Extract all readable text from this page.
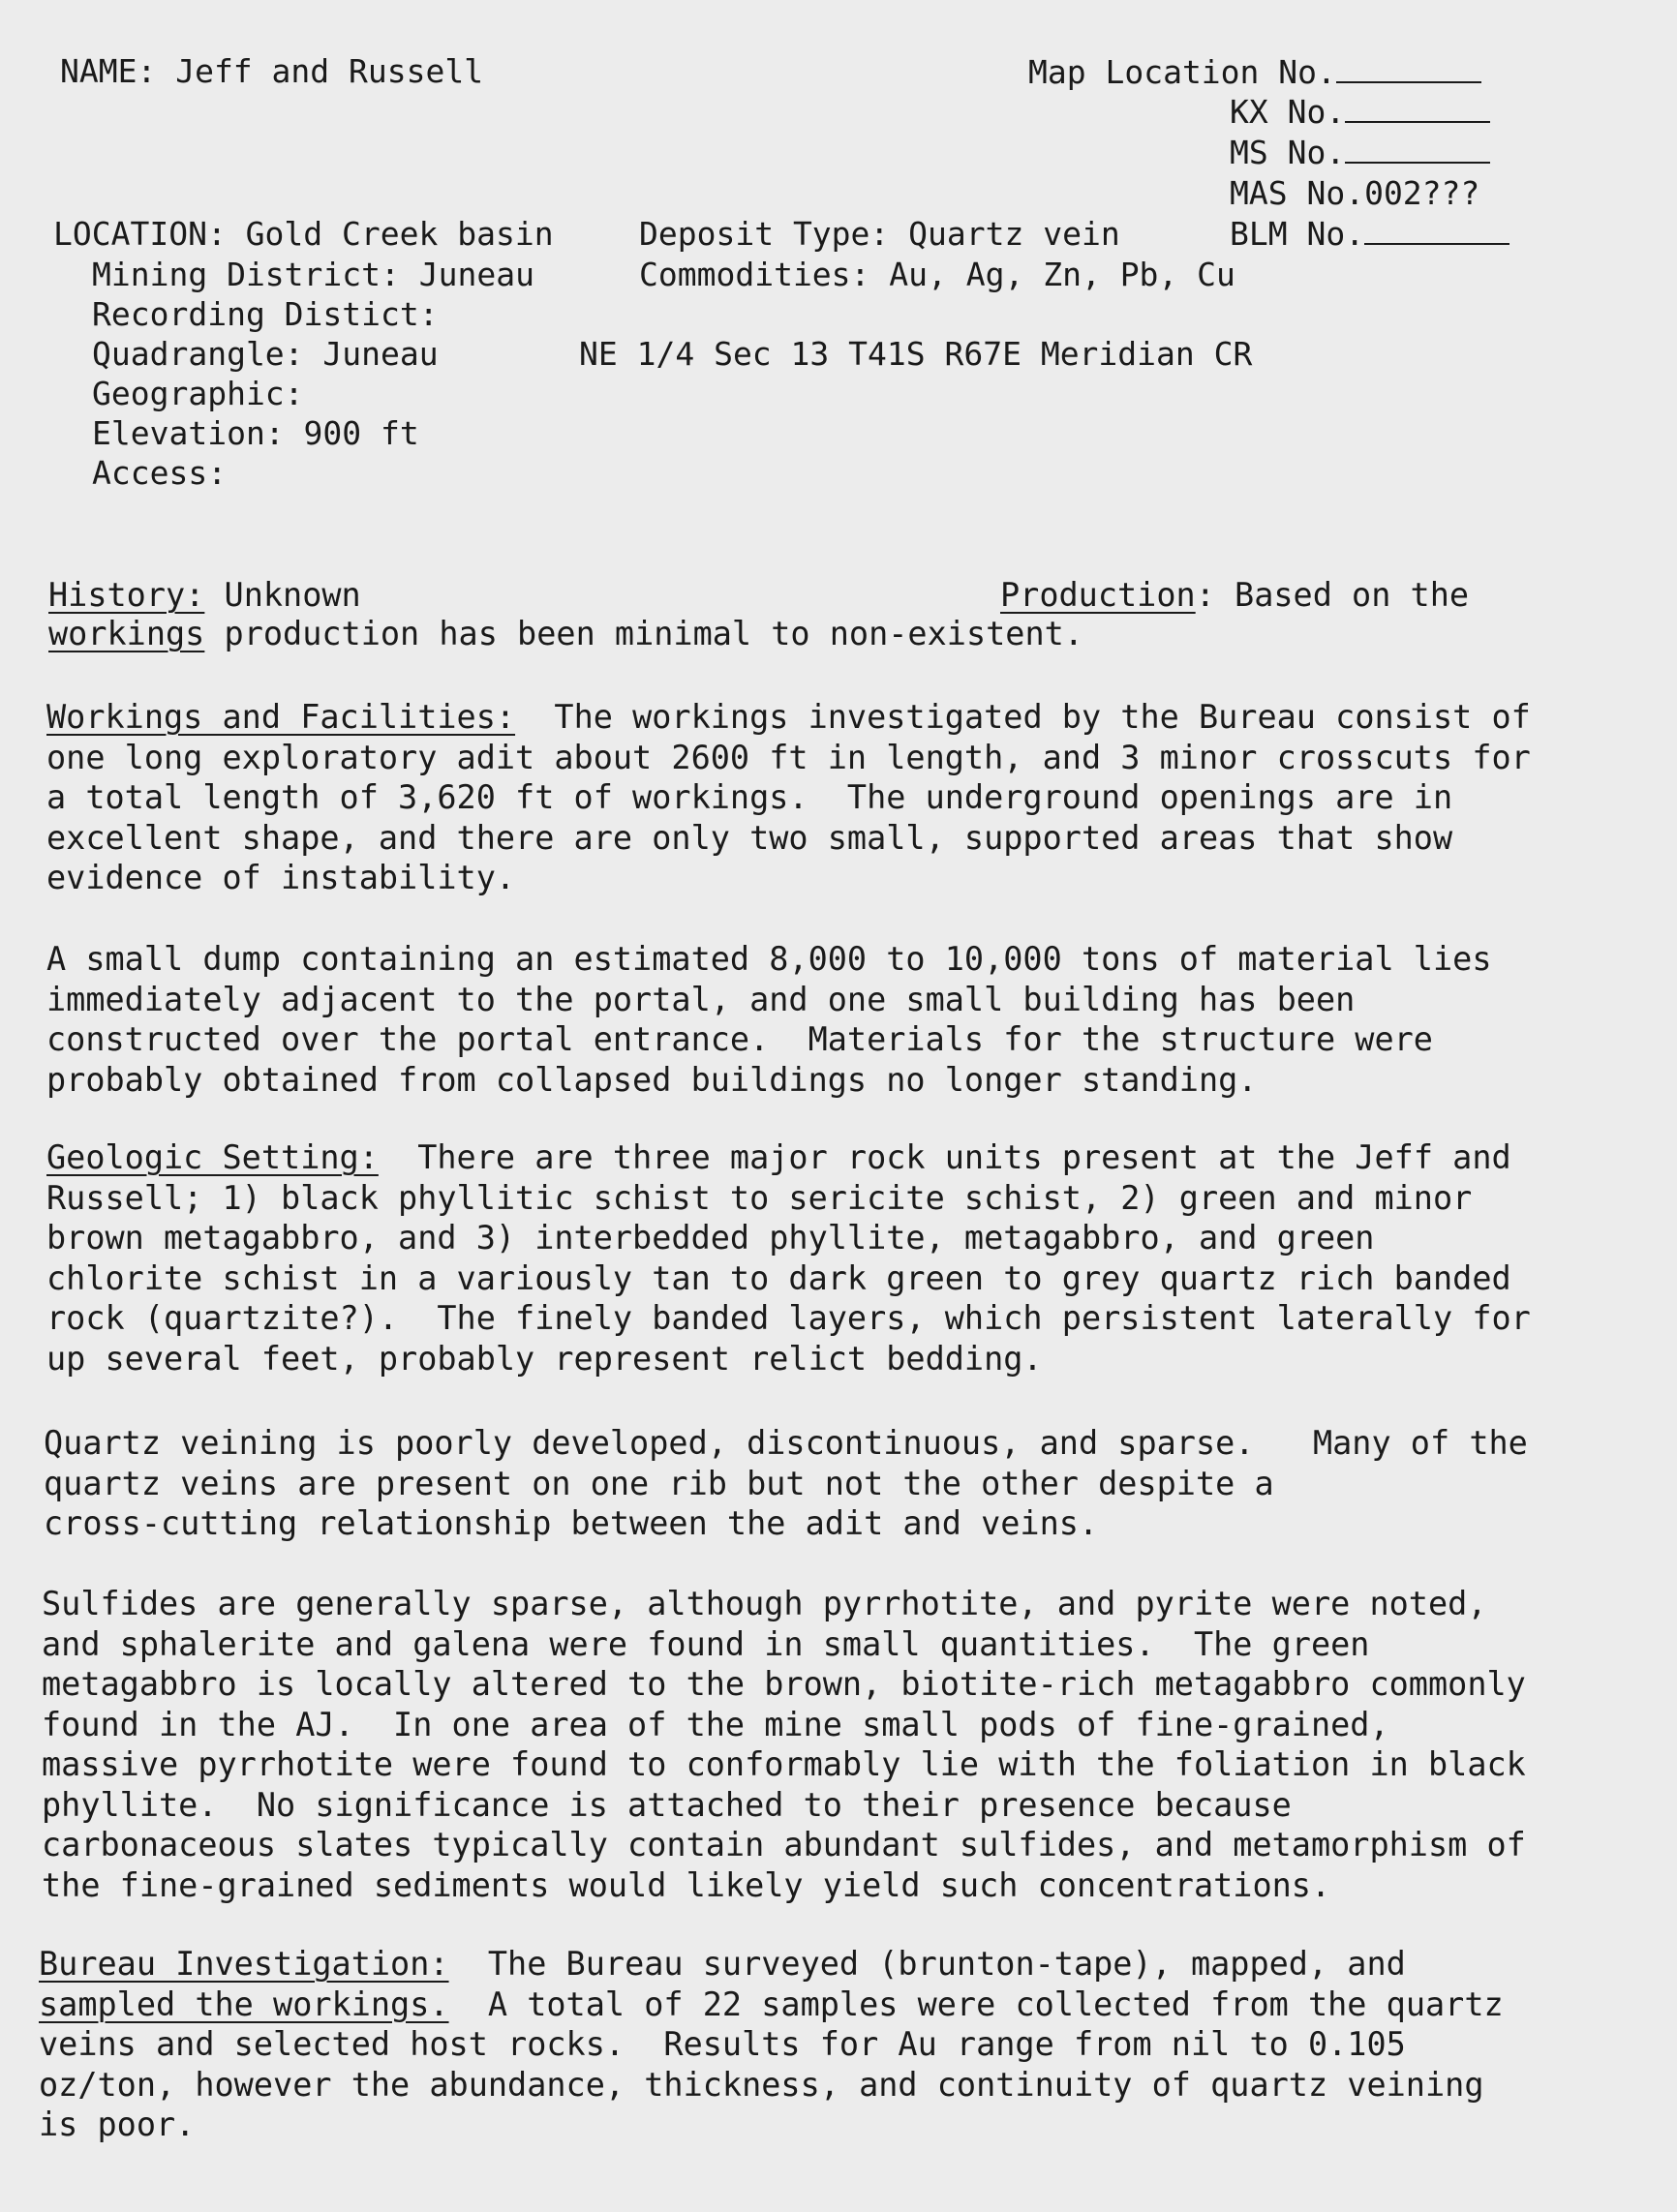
NAME: Jeff and Russell	Map Location No.
KX No.
MS No.
MAS No.002???
BLM No.
LOCATION: Gold Creek basin
Mining District: Juneau
Recording Distict:
Quadrangle: Juneau
Geographic:
Elevation: 900 ft
Access:
Deposit Type: Quartz vein
Commodities: Au, Ag, Zn, Pb, Cu
NE 1/4 Sec 13 T41S R67E Meridian CR
History: Unknown	Production: Based on the
workings production has been minimal to non-existent.
Workings and Facilities:  The workings investigated by the Bureau consist of
one long exploratory adit about 2600 ft in length, and 3 minor crosscuts for
a total length of 3,620 ft of workings.  The underground openings are in
excellent shape, and there are only two small, supported areas that show
evidence of instability.
A small dump containing an estimated 8,000 to 10,000 tons of material lies
immediately adjacent to the portal, and one small building has been
constructed over the portal entrance.  Materials for the structure were
probably obtained from collapsed buildings no longer standing.
Geologic Setting:  There are three major rock units present at the Jeff and
Russell; 1) black phyllitic schist to sericite schist, 2) green and minor
brown metagabbro, and 3) interbedded phyllite, metagabbro, and green
chlorite schist in a variously tan to dark green to grey quartz rich banded
rock (quartzite?).  The finely banded layers, which persistent laterally for
up several feet, probably represent relict bedding.
Quartz veining is poorly developed, discontinuous, and sparse.   Many of the
quartz veins are present on one rib but not the other despite a
cross-cutting relationship between the adit and veins.
Sulfides are generally sparse, although pyrrhotite, and pyrite were noted,
and sphalerite and galena were found in small quantities.  The green
metagabbro is locally altered to the brown, biotite-rich metagabbro commonly
found in the AJ.  In one area of the mine small pods of fine-grained,
massive pyrrhotite were found to conformably lie with the foliation in black
phyllite.  No significance is attached to their presence because
carbonaceous slates typically contain abundant sulfides, and metamorphism of
the fine-grained sediments would likely yield such concentrations.
Bureau Investigation:  The Bureau surveyed (brunton-tape), mapped, and
sampled the workings.  A total of 22 samples were collected from the quartz
veins and selected host rocks.  Results for Au range from nil to 0.105
oz/ton, however the abundance, thickness, and continuity of quartz veining
is poor.
